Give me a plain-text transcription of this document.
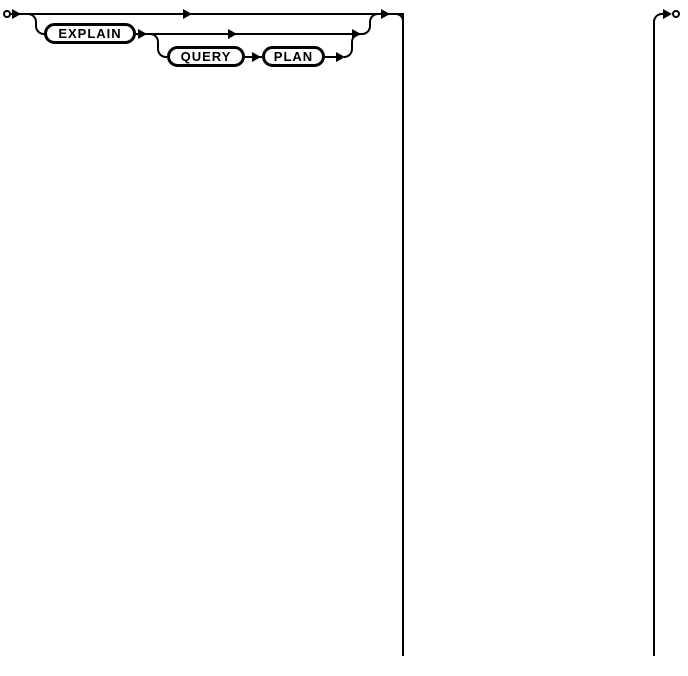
EXPLAIN
QUERY	PLAN
